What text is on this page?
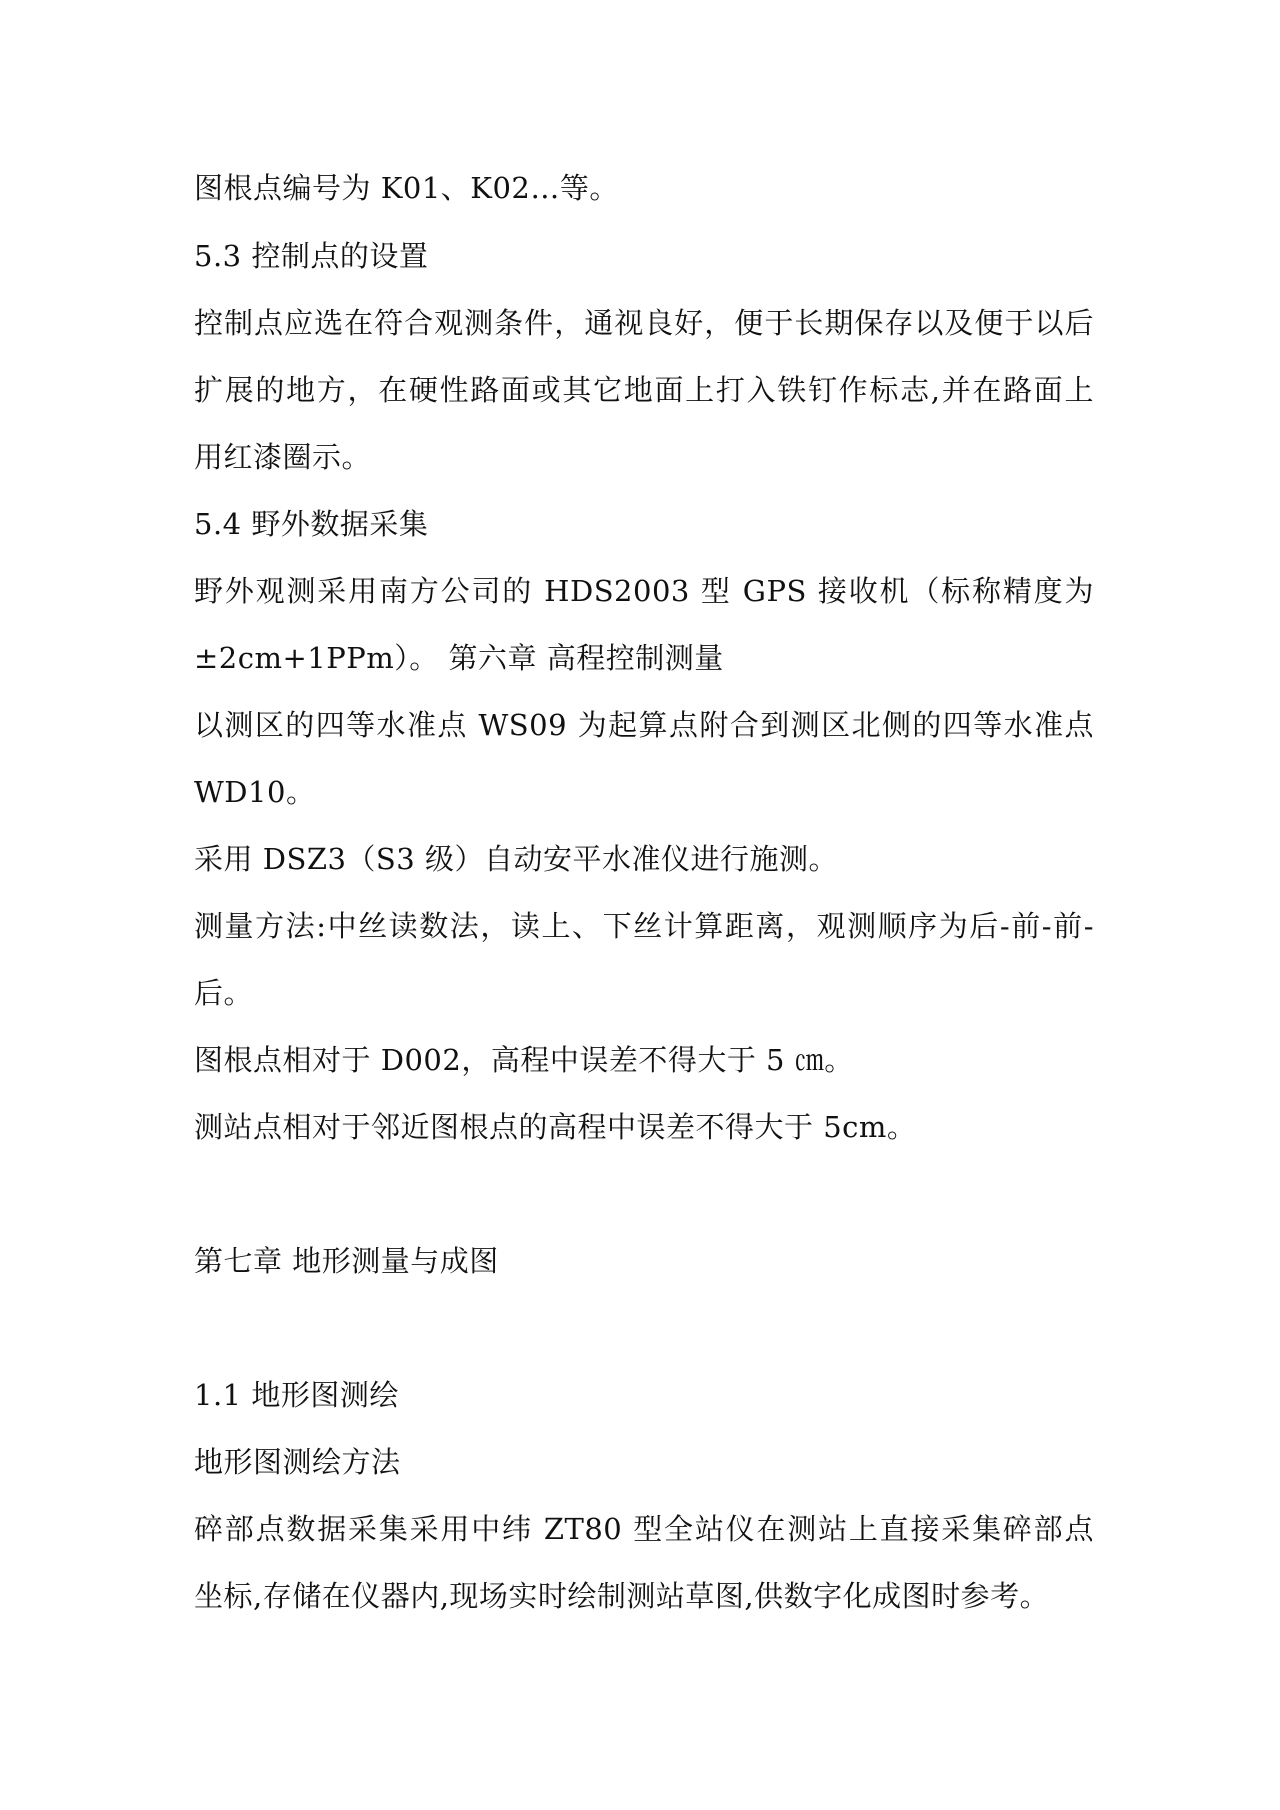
图根点编号为 K01、K02…等。
5.3 控制点的设置
控制点应选在符合观测条件，通视良好，便于长期保存以及便于以后
扩展的地方，在硬性路面或其它地面上打入铁钉作标志,并在路面上
用红漆圈示。
5.4 野外数据采集
野外观测采用南方公司的 HDS2003 型 GPS 接收机（标称精度为
±2cm+1PPm）。 第六章 高程控制测量
以测区的四等水准点 WS09 为起算点附合到测区北侧的四等水准点
WD10。
采用 DSZ3（S3 级）自动安平水准仪进行施测。
测量方法:中丝读数法，读上、下丝计算距离，观测顺序为后-前-前-
后。
图根点相对于 D002，高程中误差不得大于 5 ㎝。
测站点相对于邻近图根点的高程中误差不得大于 5cm。
第七章 地形测量与成图
1.1 地形图测绘
地形图测绘方法
碎部点数据采集采用中纬 ZT80 型全站仪在测站上直接采集碎部点
坐标,存储在仪器内,现场实时绘制测站草图,供数字化成图时参考。
